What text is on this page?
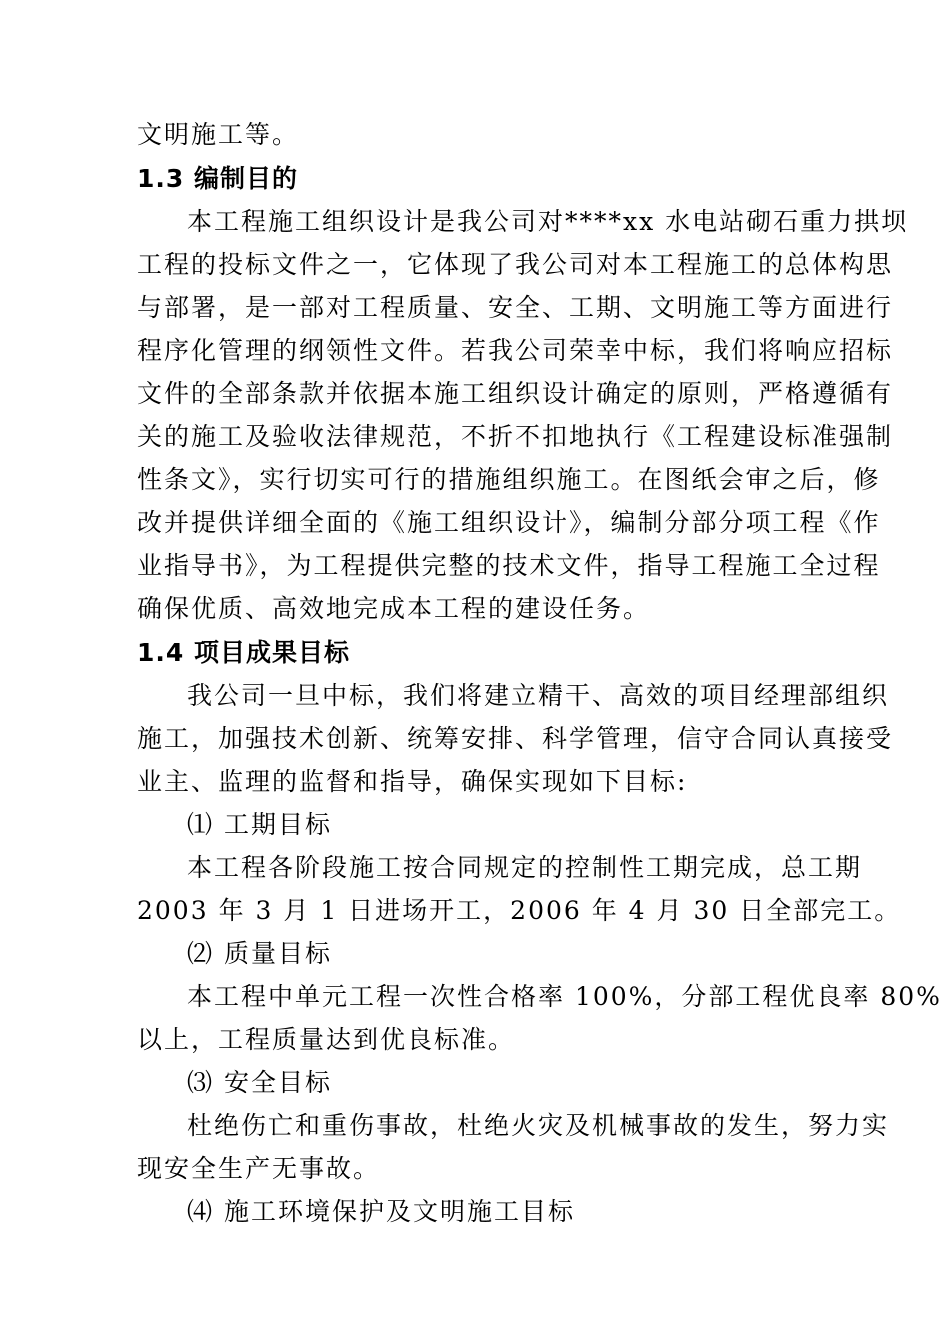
文明施工等。
1.3 编制目的
本工程施工组织设计是我公司对****xx 水电站砌石重力拱坝
工程的投标文件之一，它体现了我公司对本工程施工的总体构思
与部署，是一部对工程质量、安全、工期、文明施工等方面进行
程序化管理的纲领性文件。若我公司荣幸中标，我们将响应招标
文件的全部条款并依据本施工组织设计确定的原则，严格遵循有
关的施工及验收法律规范，不折不扣地执行《工程建设标准强制
性条文》，实行切实可行的措施组织施工。在图纸会审之后，修
改并提供详细全面的《施工组织设计》，编制分部分项工程《作
业指导书》，为工程提供完整的技术文件，指导工程施工全过程
确保优质、高效地完成本工程的建设任务。
1.4 项目成果目标
我公司一旦中标，我们将建立精干、高效的项目经理部组织
施工，加强技术创新、统筹安排、科学管理，信守合同认真接受
业主、监理的监督和指导，确保实现如下目标:
⑴ 工期目标
本工程各阶段施工按合同规定的控制性工期完成，总工期
2003 年 3 月 1 日进场开工，2006 年 4 月 30 日全部完工。
⑵ 质量目标
本工程中单元工程一次性合格率 100%，分部工程优良率 80%
以上，工程质量达到优良标准。
⑶ 安全目标
杜绝伤亡和重伤事故，杜绝火灾及机械事故的发生，努力实
现安全生产无事故。
⑷ 施工环境保护及文明施工目标
